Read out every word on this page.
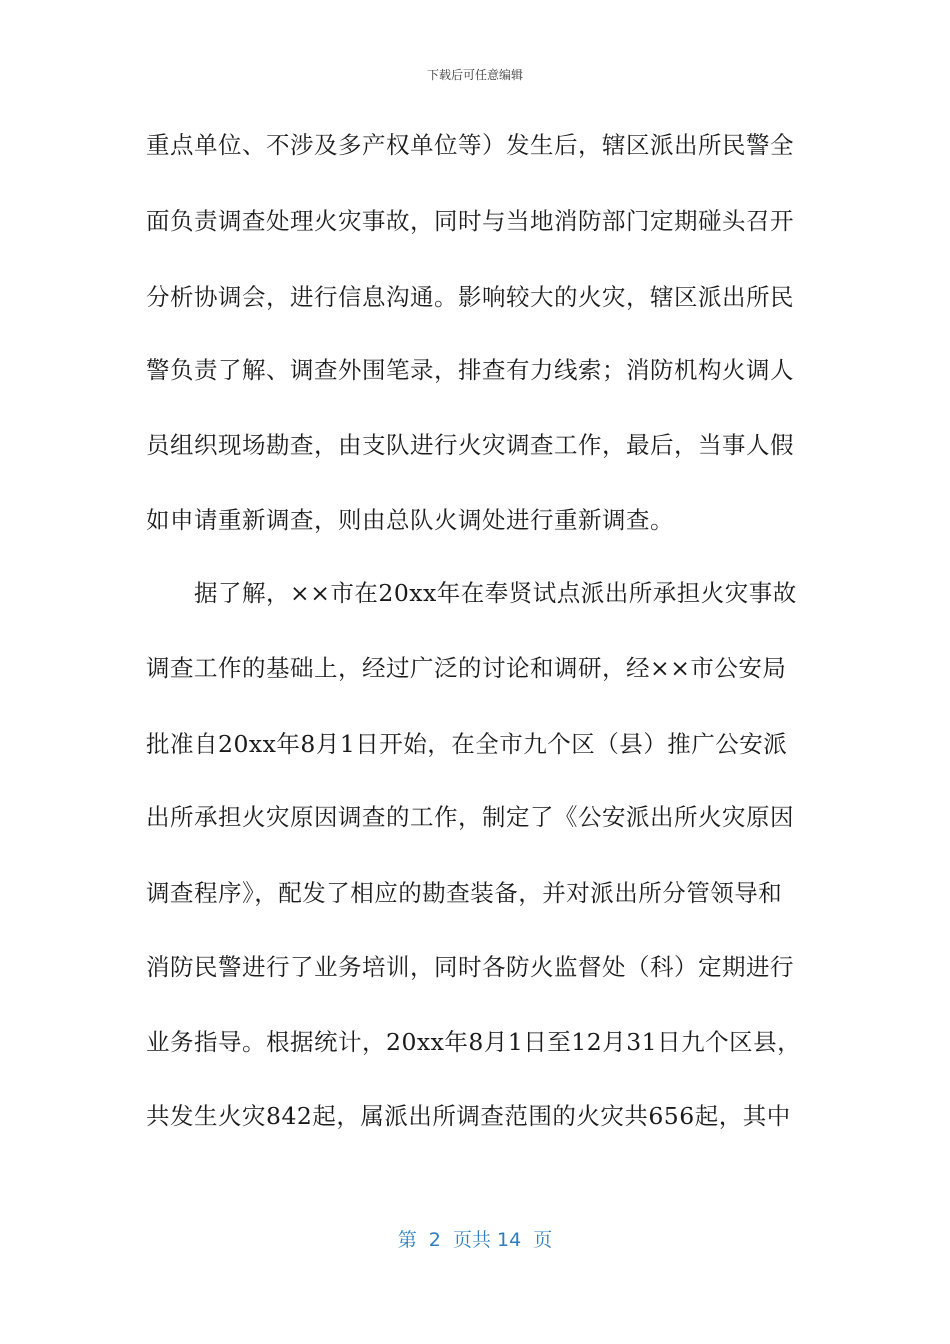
下载后可任意编辑
重点单位、不涉及多产权单位等）发生后，辖区派出所民警全
面负责调查处理火灾事故，同时与当地消防部门定期碰头召开
分析协调会，进行信息沟通。影响较大的火灾，辖区派出所民
警负责了解、调查外围笔录，排查有力线索；消防机构火调人
员组织现场勘查，由支队进行火灾调查工作，最后，当事人假
如申请重新调查，则由总队火调处进行重新调查。
据了解，××市在20xx年在奉贤试点派出所承担火灾事故
调查工作的基础上，经过广泛的讨论和调研，经××市公安局
批准自20xx年8月1日开始，在全市九个区（县）推广公安派
出所承担火灾原因调查的工作，制定了《公安派出所火灾原因
调查程序》，配发了相应的勘查装备，并对派出所分管领导和
消防民警进行了业务培训，同时各防火监督处（科）定期进行
业务指导。根据统计，20xx年8月1日至12月31日九个区县，
共发生火灾842起，属派出所调查范围的火灾共656起，其中
第  2  页共 14  页
